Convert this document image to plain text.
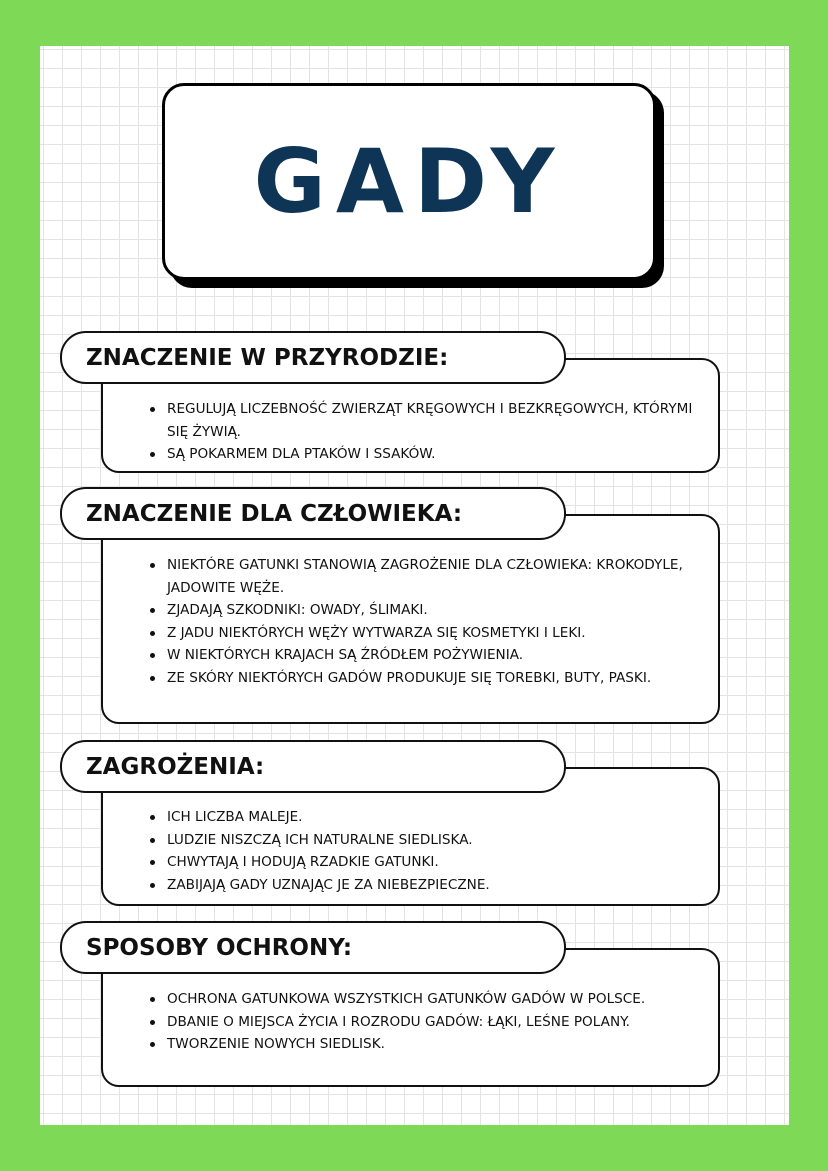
GADY
REGULUJĄ LICZEBNOŚĆ ZWIERZĄT KRĘGOWYCH I BEZKRĘGOWYCH, KTÓRYMI SIĘ ŻYWIĄ.
SĄ POKARMEM DLA PTAKÓW I SSAKÓW.
ZNACZENIE W PRZYRODZIE:
NIEKTÓRE GATUNKI STANOWIĄ ZAGROŻENIE DLA CZŁOWIEKA: KROKODYLE, JADOWITE WĘŻE.
ZJADAJĄ SZKODNIKI: OWADY, ŚLIMAKI.
Z JADU NIEKTÓRYCH WĘŻY WYTWARZA SIĘ KOSMETYKI I LEKI.
W NIEKTÓRYCH KRAJACH SĄ ŹRÓDŁEM POŻYWIENIA.
ZE SKÓRY NIEKTÓRYCH GADÓW PRODUKUJE SIĘ TOREBKI, BUTY, PASKI.
ZNACZENIE DLA CZŁOWIEKA:
ICH LICZBA MALEJE.
LUDZIE NISZCZĄ ICH NATURALNE SIEDLISKA.
CHWYTAJĄ I HODUJĄ RZADKIE GATUNKI.
ZABIJAJĄ GADY UZNAJĄC JE ZA NIEBEZPIECZNE.
ZAGROŻENIA:
OCHRONA GATUNKOWA WSZYSTKICH GATUNKÓW GADÓW W POLSCE.
DBANIE O MIEJSCA ŻYCIA I ROZRODU GADÓW: ŁĄKI, LEŚNE POLANY.
TWORZENIE NOWYCH SIEDLISK.
SPOSOBY OCHRONY:
